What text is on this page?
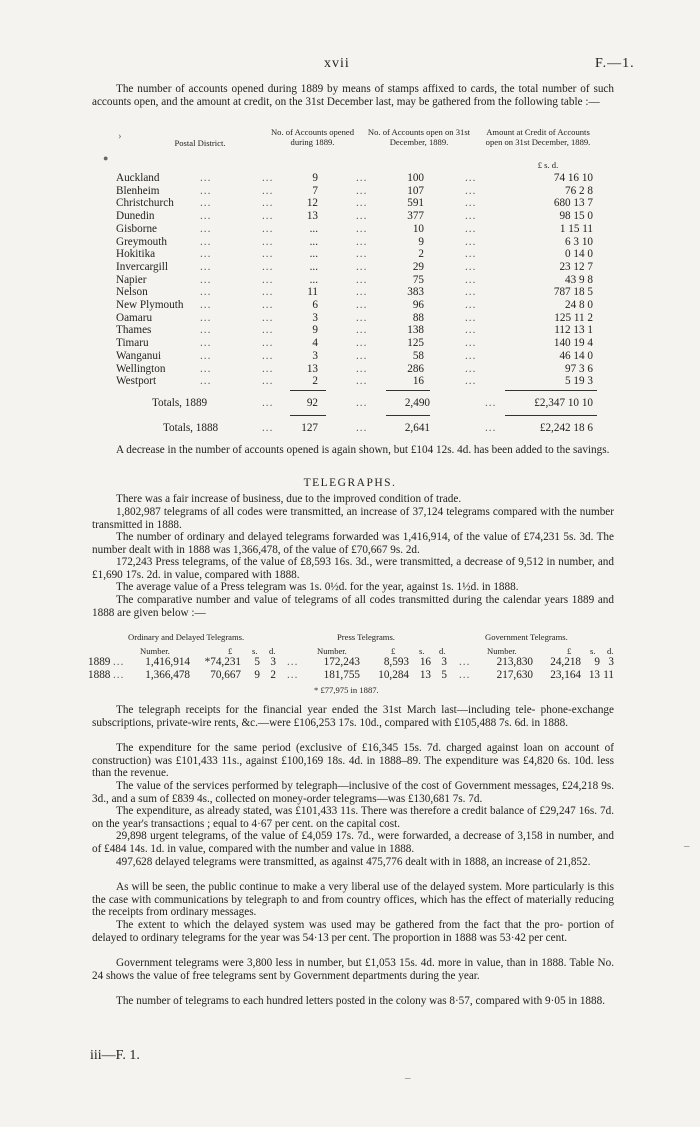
xvii	F.—1.
The number of accounts opened during 1889 by means of stamps affixed to cards, the total number of such accounts open, and the amount at credit, on the 31st December last, may be gathered from the following table :—
Postal District.
No. of Accounts opened during 1889.
No. of Accounts open on 31st December, 1889.
Amount at Credit of Accounts open on 31st December, 1889.
£ s. d.
Auckland	...	...	9	...	100	...	74 16 10
Blenheim	...	...	7	...	107	...	76 2 8
Christchurch ...	...	12	...	591	...	680 13 7
Dunedin	...	...	13	...	377	...	98 15 0
Gisborne	...	...	...	...	10	...	1 15 11
Greymouth	...	...	...	...	9	...	6 3 10
Hokitika	...	...	...	...	2	...	0 14 0
Invercargill	...	...	...	...	29	...	23 12 7
Napier	...	...	...	...	75	...	43 9 8
Nelson	...	...	11	...	383	...	787 18 5
New Plymouth ...	...	6	...	96	...	24 8 0
Oamaru	...	...	3	...	88	...	125 11 2
Thames	...	...	9	...	138	...	112 13 1
Timaru	...	...	4	...	125	...	140 19 4
Wanganui	...	...	3	...	58	...	46 14 0
Wellington	...	...	13	...	286	...	97 3 6
Westport	...	...	2	...	16	...	5 19 3
Totals, 1889	...	92	...	2,490	...	£2,347 10 10
Totals, 1888	... 127	...	2,641	...	£2,242 18 6
A decrease in the number of accounts opened is again shown, but £104 12s. 4d. has been added to the savings.
TELEGRAPHS.
There was a fair increase of business, due to the improved condition of trade.
1,802,987 telegrams of all codes were transmitted, an increase of 37,124 telegrams compared with the number transmitted in 1888.
The number of ordinary and delayed telegrams forwarded was 1,416,914, of the value of £74,231 5s. 3d. The number dealt with in 1888 was 1,366,478, of the value of £70,667 9s. 2d.
172,243 Press telegrams, of the value of £8,593 16s. 3d., were transmitted, a decrease of 9,512 in number, and £1,690 17s. 2d. in value, compared with 1888.
The average value of a Press telegram was 1s. 0½d. for the year, against 1s. 1½d. in 1888.
The comparative number and value of telegrams of all codes transmitted during the calendar years 1889 and 1888 are given below :—
Ordinary and Delayed Telegrams.	Press Telegrams.	Government Telegrams.
Number.	£ s. d.	Number.	£	s. d.	Number.	£ s. d.
1889	1,416,914 *74,231 5 3	172,243 8,593 16 3	213,830 24,218 9 3
...	...	...
1888	1,366,478 70,667 9 2	181,755 10,284 13 5	217,630 23,164 13 11
...	...	...
* £77,975 in 1887.
The telegraph receipts for the financial year ended the 31st March last—including tele- phone-exchange subscriptions, private-wire rents, &c.—were £106,253 17s. 10d., compared with £105,488 7s. 6d. in 1888.
The expenditure for the same period (exclusive of £16,345 15s. 7d. charged against loan on account of construction) was £101,433 11s., against £100,169 18s. 4d. in 1888–89. The expenditure was £4,820 6s. 10d. less than the revenue.
The value of the services performed by telegraph—inclusive of the cost of Government messages, £24,218 9s. 3d., and a sum of £839 4s., collected on money-order telegrams—was £130,681 7s. 7d.
The expenditure, as already stated, was £101,433 11s. There was therefore a credit balance of £29,247 16s. 7d. on the year's transactions ; equal to 4·67 per cent. on the capital cost.
29,898 urgent telegrams, of the value of £4,059 17s. 7d., were forwarded, a decrease of 3,158 in number, and of £484 14s. 1d. in value, compared with the number and value in 1888.
497,628 delayed telegrams were transmitted, as against 475,776 dealt with in 1888, an increase of 21,852.
As will be seen, the public continue to make a very liberal use of the delayed system. More particularly is this the case with communications by telegraph to and from country offices, which has the effect of materially reducing the receipts from ordinary messages.
The extent to which the delayed system was used may be gathered from the fact that the pro- portion of delayed to ordinary telegrams for the year was 54·13 per cent. The proportion in 1888 was 53·42 per cent.
Government telegrams were 3,800 less in number, but £1,053 15s. 4d. more in value, than in 1888. Table No. 24 shows the value of free telegrams sent by Government departments during the year.
The number of telegrams to each hundred letters posted in the colony was 8·57, compared with 9·05 in 1888.
iii—F. 1.
›
●
–
–
